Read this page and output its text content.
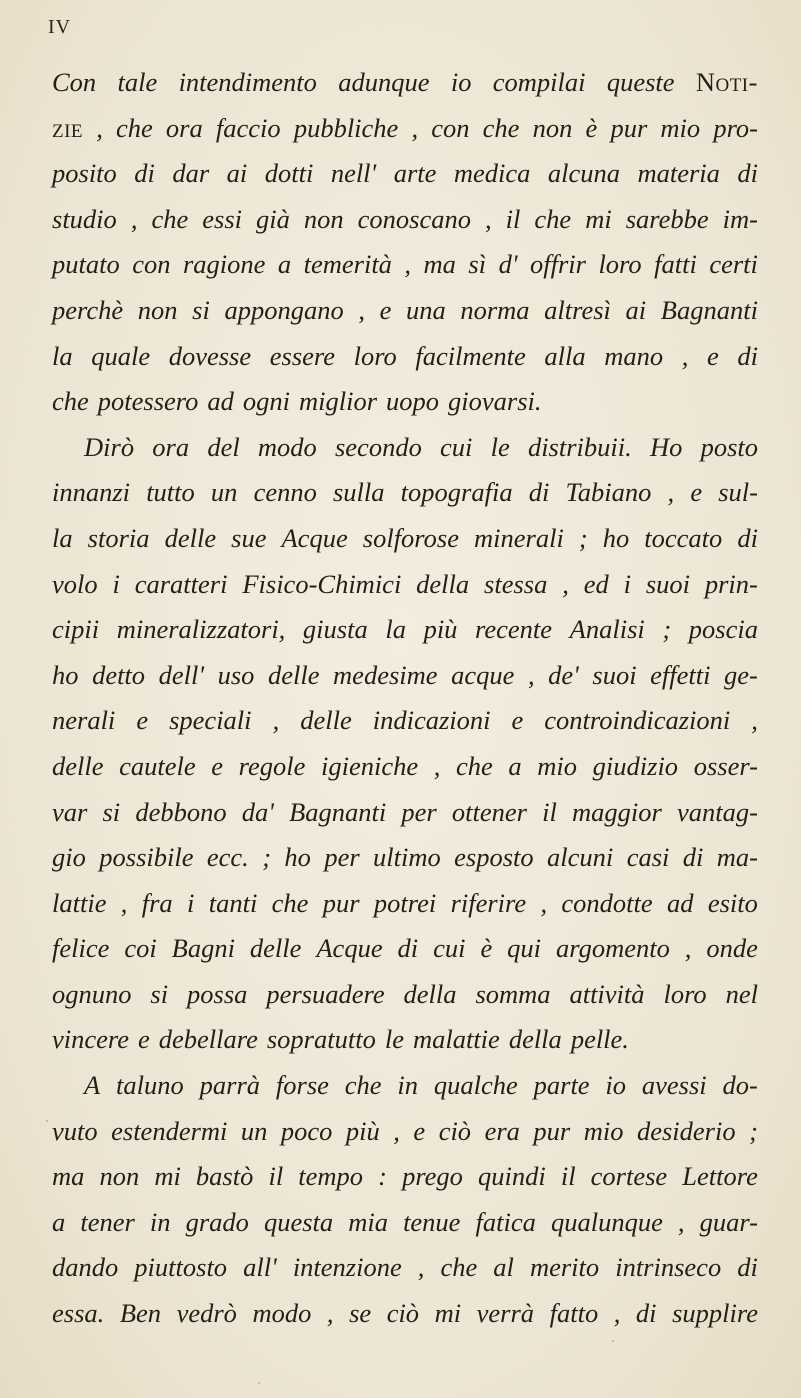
IV
Con tale intendimento adunque io compilai queste Noti-
zie , che ora faccio pubbliche , con che non è pur mio pro-
posito di dar ai dotti nell' arte medica alcuna materia di
studio , che essi già non conoscano , il che mi sarebbe im-
putato con ragione a temerità , ma sì d' offrir loro fatti certi
perchè non si appongano , e una norma altresì ai Bagnanti
la quale dovesse essere loro facilmente alla mano , e di
che potessero ad ogni miglior uopo giovarsi.
Dirò ora del modo secondo cui le distribuii. Ho posto
innanzi tutto un cenno sulla topografia di Tabiano , e sul-
la storia delle sue Acque solforose minerali ; ho toccato di
volo i caratteri Fisico-Chimici della stessa , ed i suoi prin-
cipii mineralizzatori, giusta la più recente Analisi ; poscia
ho detto dell' uso delle medesime acque , de' suoi effetti ge-
nerali e speciali , delle indicazioni e controindicazioni ,
delle cautele e regole igieniche , che a mio giudizio osser-
var si debbono da' Bagnanti per ottener il maggior vantag-
gio possibile ecc. ; ho per ultimo esposto alcuni casi di ma-
lattie , fra i tanti che pur potrei riferire , condotte ad esito
felice coi Bagni delle Acque di cui è qui argomento , onde
ognuno si possa persuadere della somma attività loro nel
vincere e debellare sopratutto le malattie della pelle.
A taluno parrà forse che in qualche parte io avessi do-
vuto estendermi un poco più , e ciò era pur mio desiderio ;
ma non mi bastò il tempo : prego quindi il cortese Lettore
a tener in grado questa mia tenue fatica qualunque , guar-
dando piuttosto all' intenzione , che al merito intrinseco di
essa. Ben vedrò modo , se ciò mi verrà fatto , di supplire
